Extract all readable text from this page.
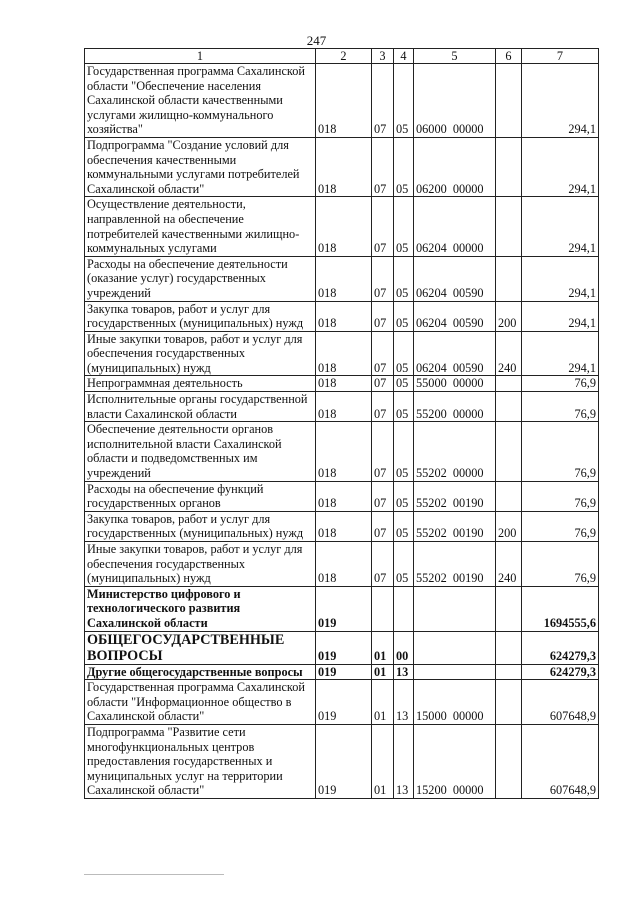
247
1	2	3	4	5	6	7
Государственная программа Сахалинской области "Обеспечение населения Сахалинской области качественными услугами жилищно-коммунального хозяйства"	018	07	05	06000 00000		294,1
Подпрограмма "Создание условий для обеспечения качественными коммунальными услугами потребителей Сахалинской области"	018	07	05	06200 00000		294,1
Осуществление деятельности, направленной на обеспечение потребителей качественными жилищно-коммунальных услугами	018	07	05	06204 00000		294,1
Расходы на обеспечение деятельности (оказание услуг) государственных учреждений	018	07	05	06204 00590		294,1
Закупка товаров, работ и услуг для государственных (муниципальных) нужд	018	07	05	06204 00590	200	294,1
Иные закупки товаров, работ и услуг для обеспечения государственных (муниципальных) нужд	018	07	05	06204 00590	240	294,1
Непрограммная деятельность	018	07	05	55000 00000		76,9
Исполнительные органы государственной власти Сахалинской области	018	07	05	55200 00000		76,9
Обеспечение деятельности органов исполнительной власти Сахалинской области и подведомственных им учреждений	018	07	05	55202 00000		76,9
Расходы на обеспечение функций государственных органов	018	07	05	55202 00190		76,9
Закупка товаров, работ и услуг для государственных (муниципальных) нужд	018	07	05	55202 00190	200	76,9
Иные закупки товаров, работ и услуг для обеспечения государственных (муниципальных) нужд	018	07	05	55202 00190	240	76,9
Министерство цифрового и технологического развития Сахалинской области	019					1694555,6
ОБЩЕГОСУДАРСТВЕННЫЕ ВОПРОСЫ	019	01	00			624279,3
Другие общегосударственные вопросы	019	01	13			624279,3
Государственная программа Сахалинской области "Информационное общество в Сахалинской области"	019	01	13	15000 00000		607648,9
Подпрограмма "Развитие сети многофункциональных центров предоставления государственных и муниципальных услуг на территории Сахалинской области"	019	01	13	15200 00000		607648,9
